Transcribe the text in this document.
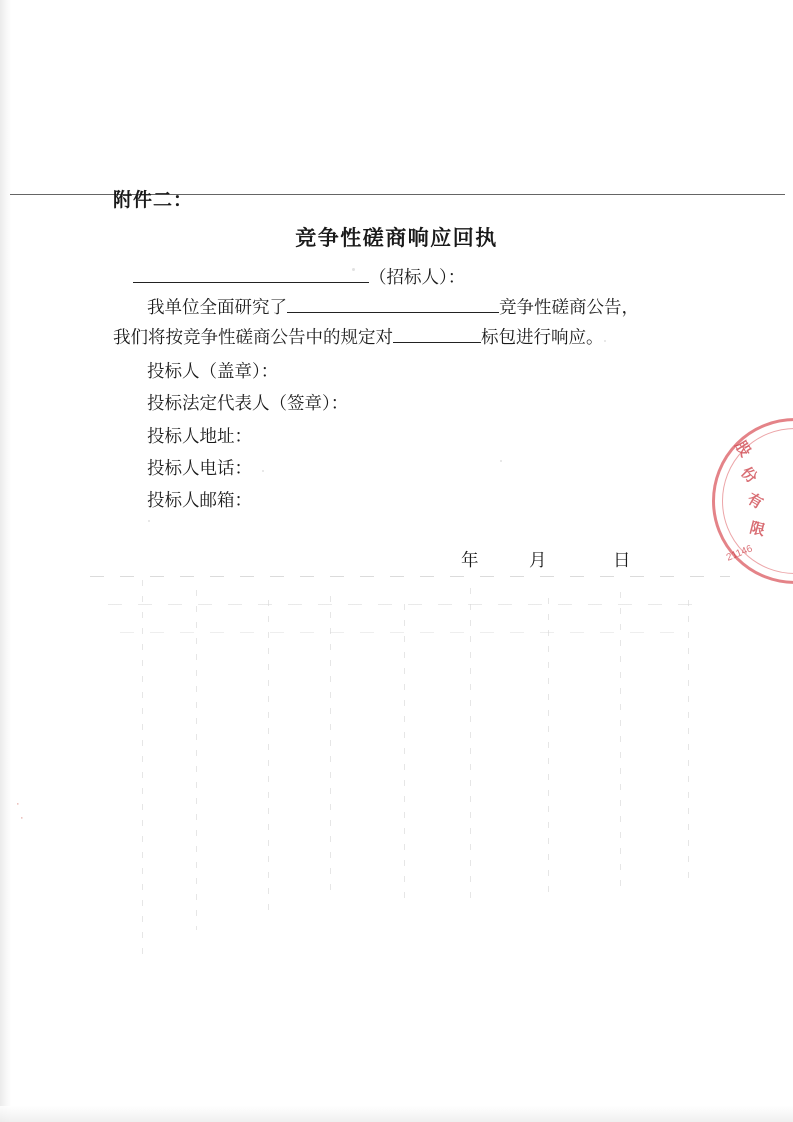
附件二：
竞争性磋商响应回执
（招标人）：
我单位全面研究了	竞争性磋商公告，
我们将按竞争性磋商公告中的规定对	标包进行响应。
投标人（盖章）：
投标法定代表人（签章）：
投标人地址：
投标人电话：
投标人邮箱：
年	月	日
股
份
有
限
21146
·
·
